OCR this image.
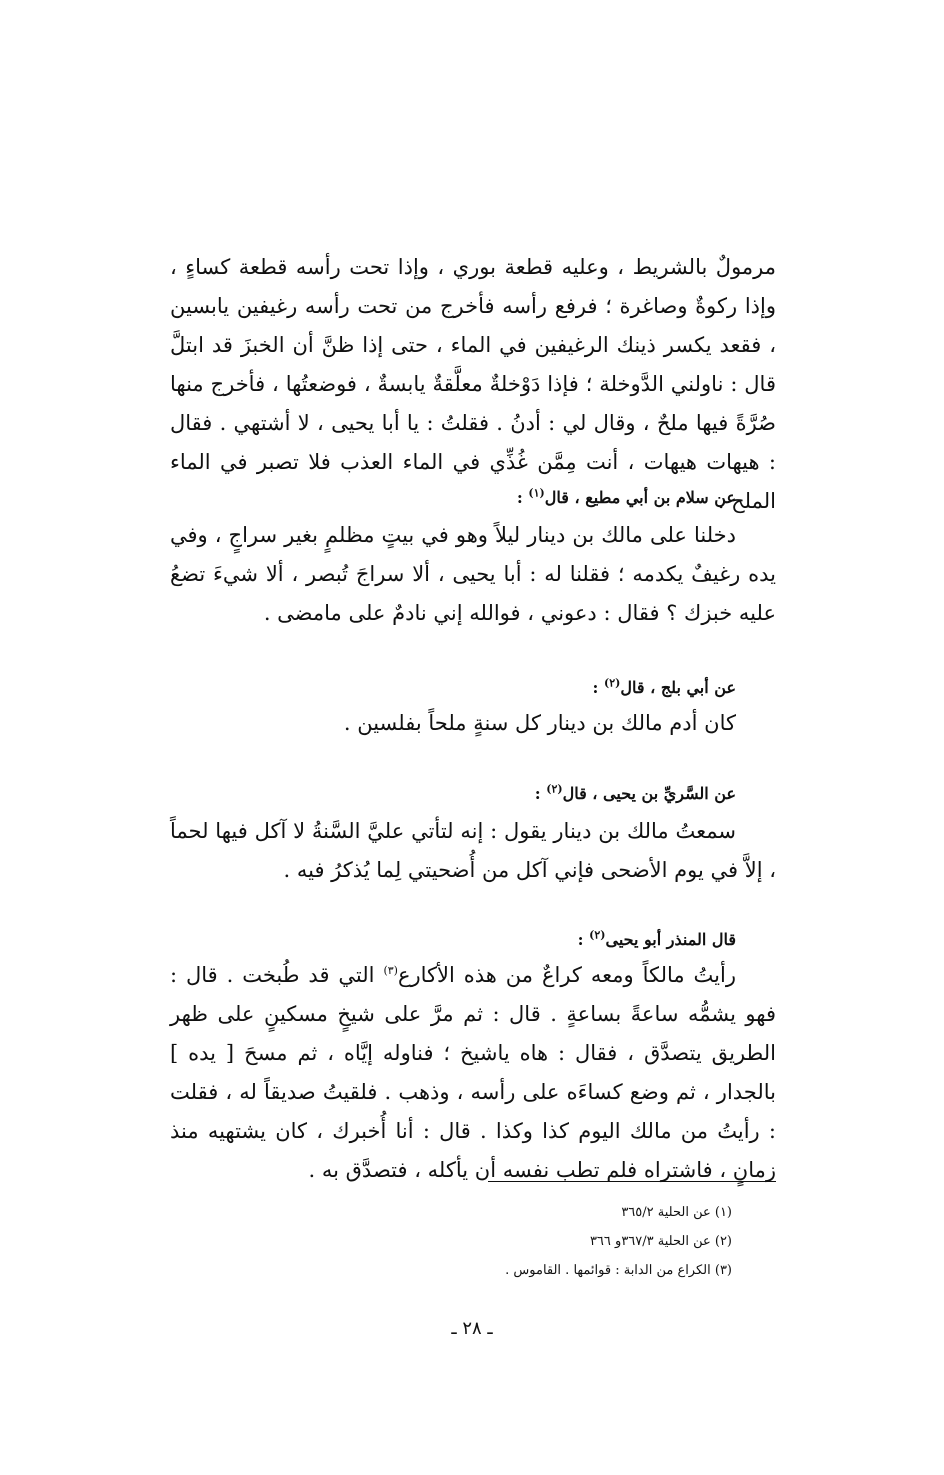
مرمولٌ بالشريط ، وعليه قطعة بوري ، وإذا تحت رأسه قطعة كساءٍ ، وإذا ركوةٌ وصاغرة ؛ فرفع رأسه فأخرج من تحت رأسه رغيفين يابسين ، فقعد يكسر ذينك الرغيفين في الماء ، حتى إذا ظنَّ أن الخبزَ قد ابتلَّ قال : ناولني الدَّوخلة ؛ فإذا دَوْخلةٌ معلَّقةٌ يابسةٌ ، فوضعتُها ، فأخرج منها صُرَّةً فيها ملحٌ ، وقال لي : أدنُ . فقلتُ : يا أبا يحيى ، لا أشتهي . فقال : هيهات هيهات ، أنت مِمَّن غُذِّي في الماء العذب فلا تصبر في الماء الملح .

عن سلام بن أبي مطيع ، قال$^{(١)}$ :

دخلنا على مالك بن دينار ليلاً وهو في بيتٍ مظلمٍ بغير سراجٍ ، وفي يده رغيفٌ يكدمه ؛ فقلنا له : أبا يحيى ، ألا سراجَ تُبصر ، ألا شيءَ تضعُ عليه خبزك ؟ فقال : دعوني ، فوالله إني نادمٌ على مامضى .

عن أبي بلج ، قال$^{(٢)}$ :

كان أدم مالك بن دينار كل سنةٍ ملحاً بفلسين .

عن السَّريِّ بن يحيى ، قال$^{(٢)}$ :

سمعتُ مالك بن دينار يقول : إنه لتأتي عليَّ السَّنةُ لا آكل فيها لحماً ، إلاَّ في يوم الأضحى فإني آكل من أُضحيتي لِما يُذكرُ فيه .

قال المنذر أبو يحيى$^{(٢)}$ :

رأيتُ مالكاً ومعه كراعٌ من هذه الأكارع$^{(٣)}$ التي قد طُبخت . قال : فهو يشمُّه ساعةً بساعةٍ . قال : ثم مرَّ على شيخٍ مسكينٍ على ظهر الطريق يتصدَّق ، فقال : هاه ياشيخ ؛ فناوله إيَّاه ، ثم مسحَ [ يده ] بالجدار ، ثم وضع كساءَه على رأسه ، وذهب . فلقيتُ صديقاً له ، فقلت : رأيتُ من مالك اليوم كذا وكذا . قال : أنا أُخبرك ، كان يشتهيه منذ زمانٍ ، فاشتراه فلم تطب نفسه أن يأكله ، فتصدَّق به .

(١) عن الحلية ٣٦٥/٢

(٢) عن الحلية ٣٦٧/٣و ٣٦٦

(٣) الكراع من الدابة : قوائمها . القاموس .

ـ ٢٨ ـ
